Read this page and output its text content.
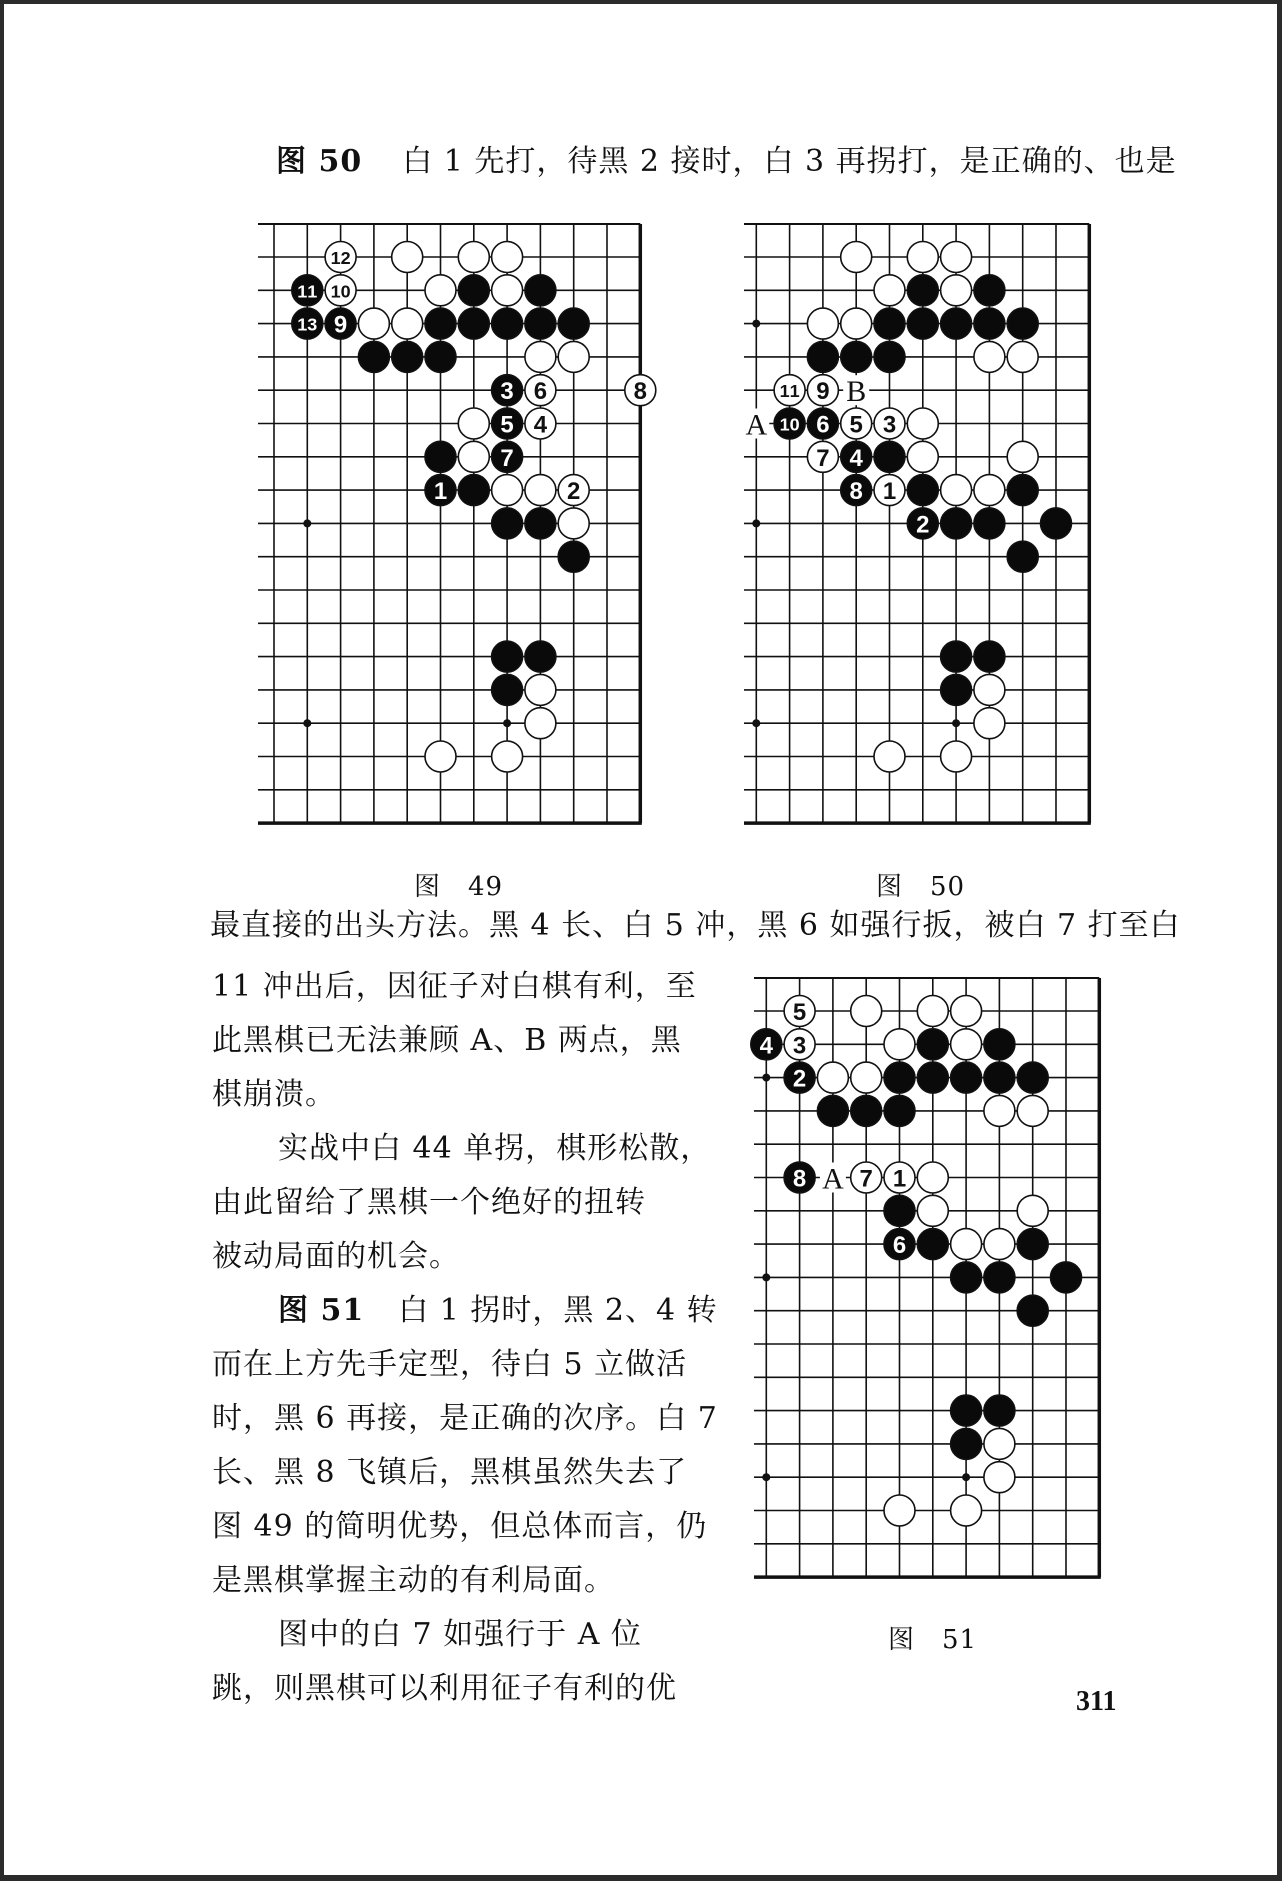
图 50 白 1 先打，待黑 2 接时，白 3 再拐打，是正确的、也是
12
11 10
13 9
3 6	8
5 4
7
1	2
11 9
10 6 5 3
7 4
8 1
2
B
A
5
4 3
2
8 7 1
6
A
图　49	图　50
图　51
最直接的出头方法。黑 4 长、白 5 冲，黑 6 如强行扳，被白 7 打至白
11 冲出后，因征子对白棋有利，至
此黑棋已无法兼顾 A、B 两点，黑
棋崩溃。
实战中白 44 单拐，棋形松散，
由此留给了黑棋一个绝好的扭转
被动局面的机会。
图 51 白 1 拐时，黑 2、4 转
而在上方先手定型，待白 5 立做活
时，黑 6 再接，是正确的次序。白 7
长、黑 8 飞镇后，黑棋虽然失去了
图 49 的简明优势，但总体而言，仍
是黑棋掌握主动的有利局面。
图中的白 7 如强行于 A 位
跳，则黑棋可以利用征子有利的优	311
